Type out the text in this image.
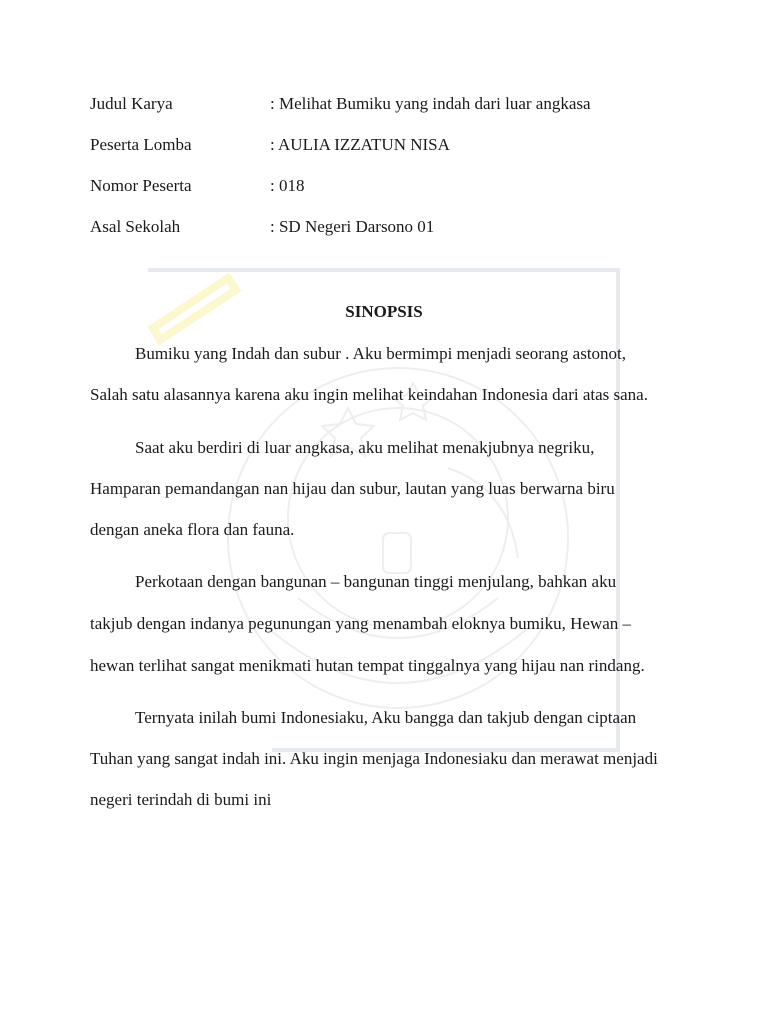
Judul Karya	: Melihat Bumiku yang indah dari luar angkasa
Peserta Lomba	: AULIA IZZATUN NISA
Nomor Peserta	: 018
Asal Sekolah	: SD Negeri Darsono 01
SINOPSIS
Bumiku yang Indah dan subur . Aku bermimpi menjadi seorang astonot,
Salah satu alasannya karena aku ingin melihat keindahan Indonesia dari atas sana.
Saat aku berdiri di luar angkasa, aku melihat menakjubnya negriku,
Hamparan pemandangan nan hijau dan subur, lautan yang luas berwarna biru
dengan aneka flora dan fauna.
Perkotaan dengan bangunan – bangunan tinggi menjulang, bahkan aku
takjub dengan indanya pegunungan yang menambah eloknya bumiku, Hewan –
hewan terlihat sangat menikmati hutan tempat tinggalnya yang hijau nan rindang.
Ternyata inilah bumi Indonesiaku, Aku bangga dan takjub dengan ciptaan
Tuhan yang sangat indah ini. Aku ingin menjaga Indonesiaku dan merawat menjadi
negeri terindah di bumi ini
